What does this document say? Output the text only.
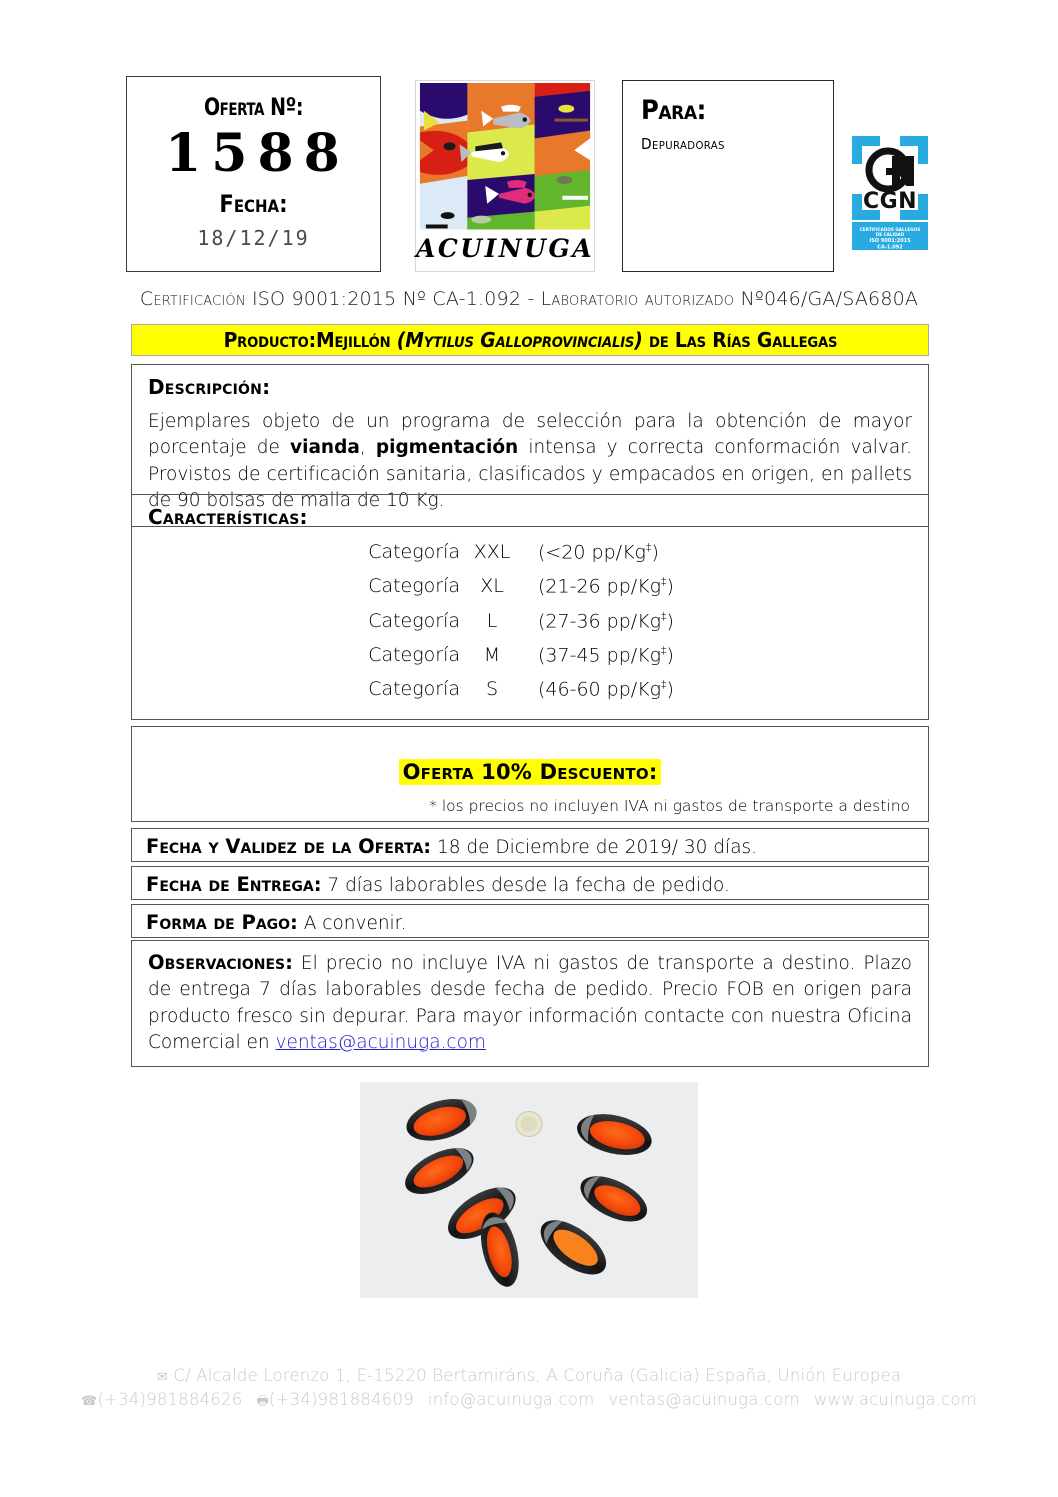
Oferta Nº:
1588
Fecha:
18/12/19	ACUINUGA
Para:
Depuradoras
CGN
CERTIFICADOS GALLEGOS
DE CALIDAD
ISO 9001:2015
CA-1.092
Certificación ISO 9001:2015 Nº CA-1.092 - Laboratorio autorizado Nº046/GA/SA680A
Producto:Mejillón (Mytilus Galloprovincialis) de Las Rías Gallegas
Descripción:

Ejemplares objeto de un programa de selección para la obtención de mayor porcentaje de vianda, pigmentación intensa y correcta conformación valvar. Provistos de certificación sanitaria, clasificados y empacados en origen, en pallets de 90 bolsas de malla de 10 Kg.

Características:
Categoría XXL	(<20 pp/Kg‡)
Categoría	XL	(21-26 pp/Kg‡)
Categoría	L	(27-36 pp/Kg‡)
Categoría	M	(37-45 pp/Kg‡)
Categoría	S	(46-60 pp/Kg‡)
Oferta 10% Descuento:
* los precios no incluyen IVA ni gastos de transporte a destino
Fecha y Validez de la Oferta: 18 de Diciembre de 2019/ 30 días.
Fecha de Entrega: 7 días laborables desde la fecha de pedido.
Forma de Pago: A convenir.

Observaciones: El precio no incluye IVA ni gastos de transporte a destino. Plazo de entrega 7 días laborables desde fecha de pedido. Precio FOB en origen para producto fresco sin depurar. Para mayor información contacte con nuestra Oficina Comercial en ventas@acuinuga.com

✉ C/ Alcalde Lorenzo 1, E-15220 Bertamiráns, A Coruña (Galicia) España, Unión Europea
☎(+34)981884626 🖶(+34)981884609 info@acuinuga.com ventas@acuinuga.com www.acuinuga.com
